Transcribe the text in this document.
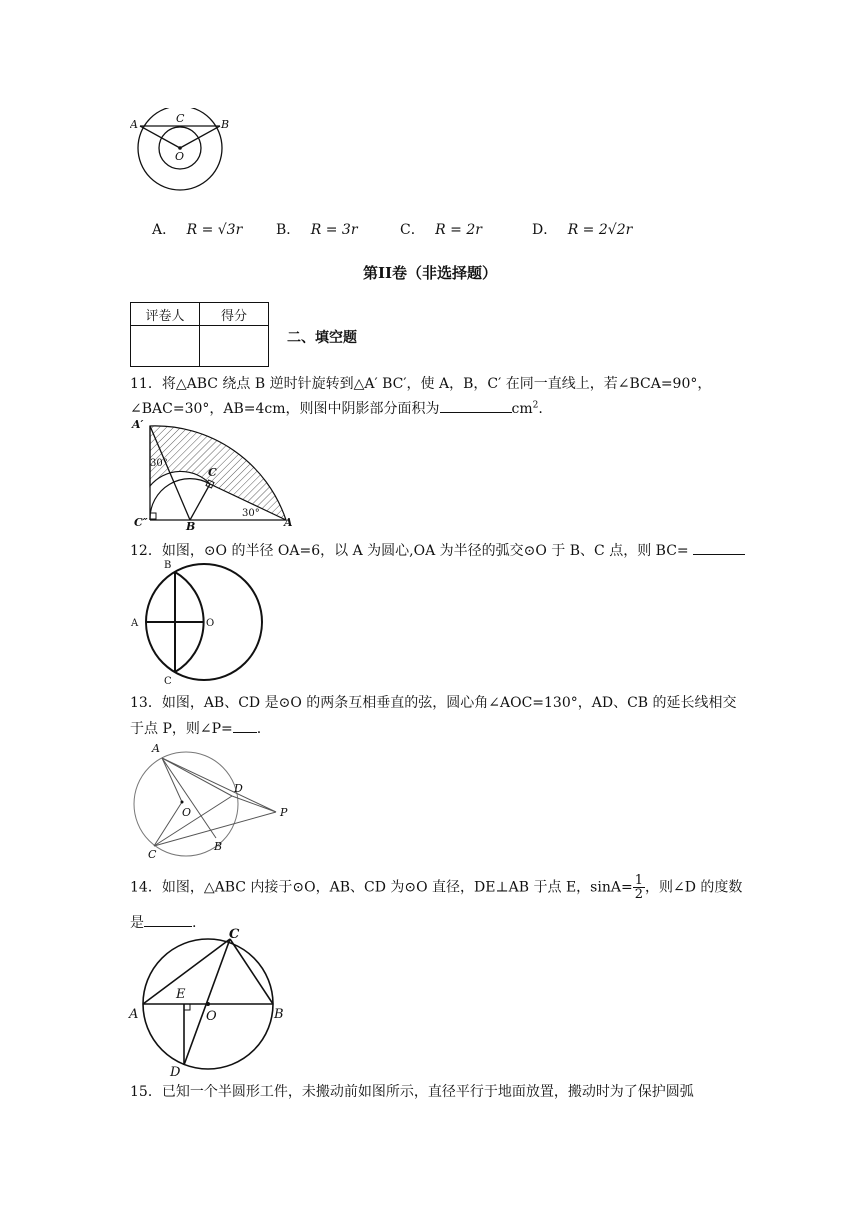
A	C	B
O
A． R = √3r B． R = 3r	C． R = 2r	D． R = 2√2r
第II卷（非选择题）
评卷人	得分

二、填空题
11．将△ABC 绕点 B 逆时针旋转到△A′ BC′，使 A，B，C′ 在同一直线上，若∠BCA=90°，
∠BAC=30°，AB=4cm，则图中阴影部分面积为	$cm^2$.
A′
30°
C
30°
C″	B	A
12．如图，⊙O 的半径 OA=6，以 A 为圆心,OA 为半径的弧交⊙O 于 B、C 点，则 BC=
B
A	O
C
13．如图，AB、CD 是⊙O 的两条互相垂直的弦，圆心角∠AOC=130°，AD、CB 的延长线相交
于点 P，则∠P= .
A
D
O	P
C
B
14．如图，△ABC 内接于⊙O，AB、CD 为⊙O 直径，DE⊥AB 于点 E，$\sin A= \frac{1}{2}$ ，则∠D 的度数
是	.
C
E
A	O	B
D
15．已知一个半圆形工件，未搬动前如图所示，直径平行于地面放置，搬动时为了保护圆弧
